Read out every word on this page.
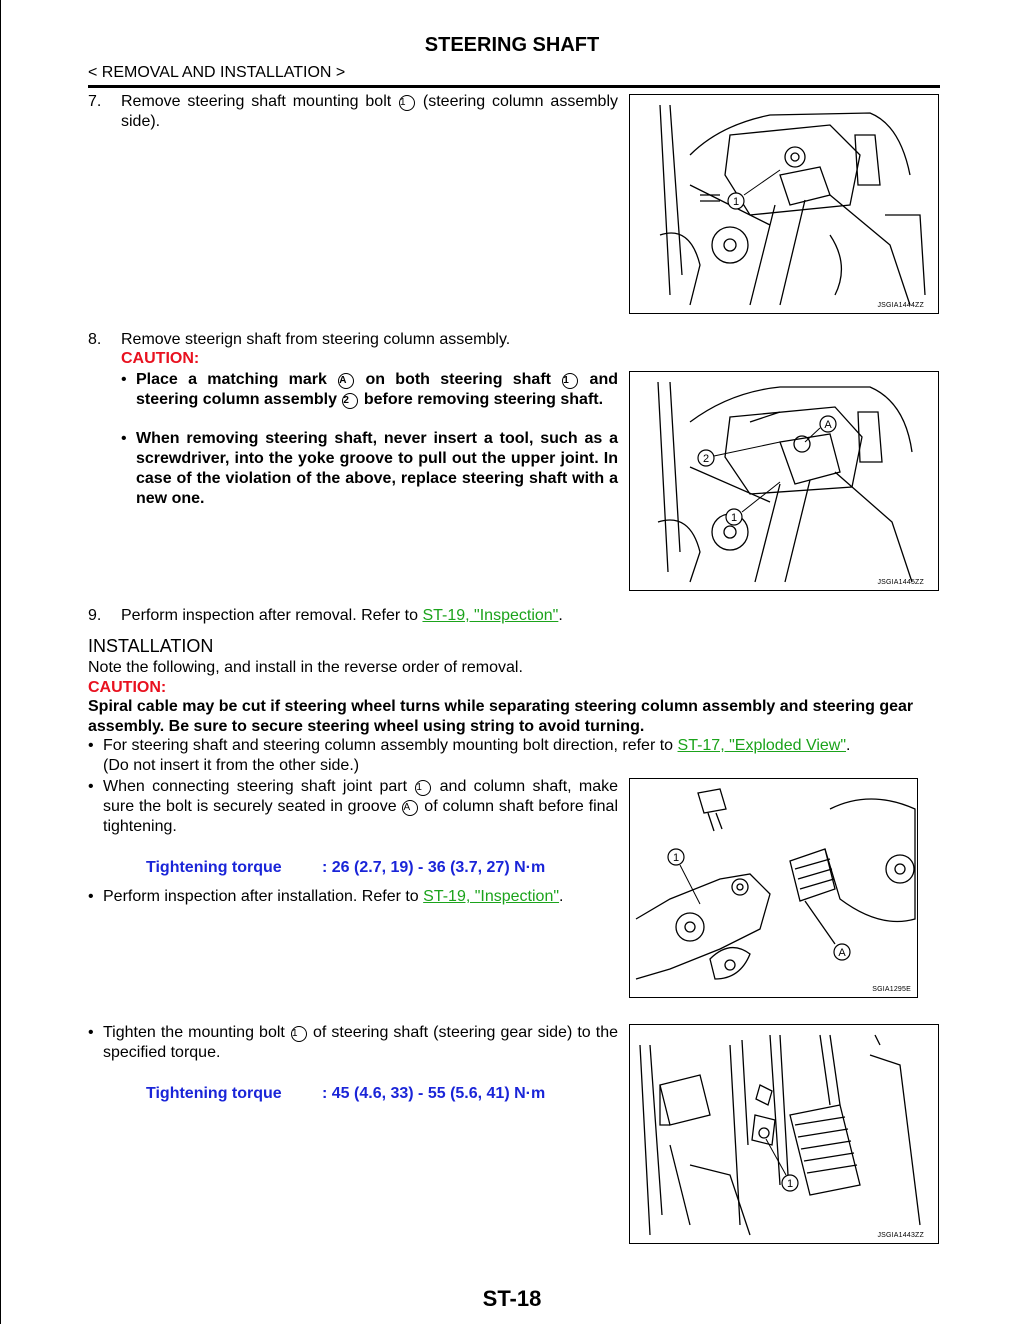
STEERING SHAFT
< REMOVAL AND INSTALLATION >
7. Remove steering shaft mounting bolt 1 (steering column assembly side).
1
JSGIA1444ZZ
8. Remove steerign shaft from steering column assembly.
CAUTION:
• Place a matching mark A on both steering shaft 1 and steering column assembly 2 before removing steering shaft.
• When removing steering shaft, never insert a tool, such as a screwdriver, into the yoke groove to pull out the upper joint. In case of the violation of the above, replace steering shaft with a new one.
A
2
1
JSGIA1445ZZ
9. Perform inspection after removal. Refer to ST-19, "Inspection".
INSTALLATION
Note the following, and install in the reverse order of removal.
CAUTION:
Spiral cable may be cut if steering wheel turns while separating steering column assembly and steering gear assembly. Be sure to secure steering wheel using string to avoid turning.
• For steering shaft and steering column assembly mounting bolt direction, refer to ST-17, "Exploded View".
(Do not insert it from the other side.)
• When connecting steering shaft joint part 1 and column shaft, make sure the bolt is securely seated in groove A of column shaft before final tightening.
Tightening torque	: 26 (2.7, 19) - 36 (3.7, 27) N·m
• Perform inspection after installation. Refer to ST-19, "Inspection".
1
A
SGIA1295E
• Tighten the mounting bolt 1 of steering shaft (steering gear side) to the specified torque.
Tightening torque	: 45 (4.6, 33) - 55 (5.6, 41) N·m
1
JSGIA1443ZZ
ST-18
